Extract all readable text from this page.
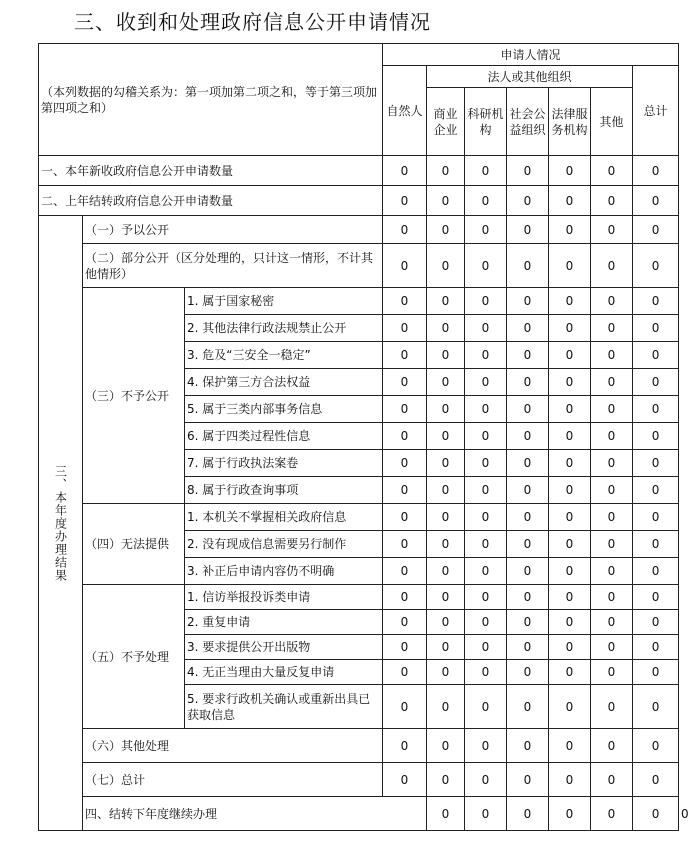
三、收到和处理政府信息公开申请情况
（本列数据的勾稽关系为：第一项加第二项之和，等于第三项加第四项之和）			申请人情况							
			自然人	法人或其他组织					总计	
				商业企业	科研机构	社会公益组织	法律服务机构	其他		
一、本年新收政府信息公开申请数量			0	0	0	0	0	0	0	
二、上年结转政府信息公开申请数量			0	0	0	0	0	0	0	

三、本年度办理结果	（一）予以公开		0	0	0	0	0	0	0	
	（二）部分公开（区分处理的，只计这一情形，不计其他情形）		0	0	0	0	0	0	0	
	（三）不予公开	1. 属于国家秘密	0	0	0	0	0	0	0	
		2. 其他法律行政法规禁止公开	0	0	0	0	0	0	0	
		3. 危及“三安全一稳定”	0	0	0	0	0	0	0	
		4. 保护第三方合法权益	0	0	0	0	0	0	0	
		5. 属于三类内部事务信息	0	0	0	0	0	0	0	
		6. 属于四类过程性信息	0	0	0	0	0	0	0	
		7. 属于行政执法案卷	0	0	0	0	0	0	0	
		8. 属于行政查询事项	0	0	0	0	0	0	0	
	（四）无法提供	1. 本机关不掌握相关政府信息	0	0	0	0	0	0	0	
		2. 没有现成信息需要另行制作	0	0	0	0	0	0	0	
		3. 补正后申请内容仍不明确	0	0	0	0	0	0	0	
	（五）不予处理	1. 信访举报投诉类申请	0	0	0	0	0	0	0	
		2. 重复申请	0	0	0	0	0	0	0	
		3. 要求提供公开出版物	0	0	0	0	0	0	0	
		4. 无正当理由大量反复申请	0	0	0	0	0	0	0	
		5. 要求行政机关确认或重新出具已获取信息	0	0	0	0	0	0	0	
	（六）其他处理		0	0	0	0	0	0	0	
	（七）总计		0	0	0	0	0	0	0	
	四、结转下年度继续办理			0	0	0	0	0	0	0
